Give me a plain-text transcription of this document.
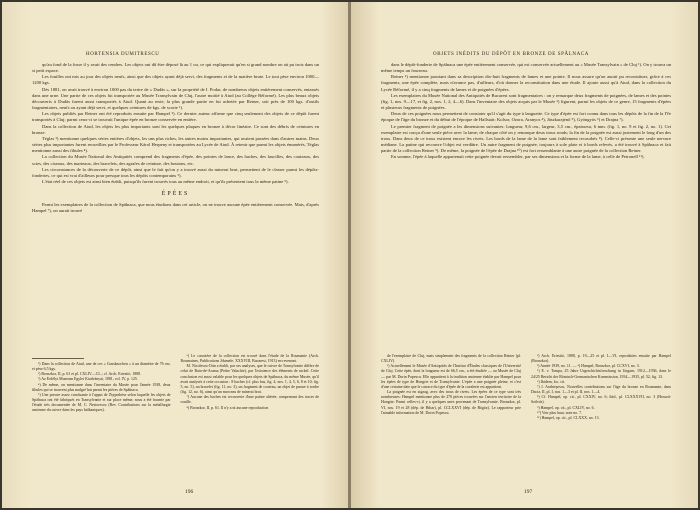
HORTENSIA DUMITRESCU

qu'au fond de la fosse il y avait des cendres. Les objets ont dû être déposé là au 1 ou, ce qui expliquerait qu'en si grand nombre on ait pu trois dans un si petit espace.

Les fouilles ont mis au jour des objets neufs, ainsi que des objets ayant déjà servi, des fragments et de la matière brute. Le tout pèse environ 1000—1200 kgs.

Dès 1881, on avait trouvé à environ 1000 pas du tertre de « Dudăs », sur la propriété de I. Podar, de nombreux objets entièrement conservés, entassés dans une urne. Une partie de ces objets fut transportée au Musée Transylvain de Cluj, l'autre moitié à Aiud (au Collège Réformé). Les plus beaux objets découverts à Dudăs furent aussi transportés à Aiud. Quant au reste, la plus grande partie en fut achetée par Reiner, soit près de 100 kgs. d'outils fragmentaires, neufs ou ayant déjà servi, et quelques ceintures de kgs. de scorie ¹).

Les objets publiés par Reiner ont été reproduits ensuite par Hampel ²). Ce dernier auteur affirme que cinq seulement des objets de ce dépôt furent transportés à Cluj; parmi ceux-ci se trouvait l'unique épée en bronze conservée en entière.

Dans la collection de Aiud, les objets les plus importants sont les quelques plaques en bronze à décor linéaire. Ce sont des débris de ceintures en bronze.

Téglas ³) mentionne quelques séries entières d'objets, les uns plus riches, les autres moins importantes, qui avaient passées dans d'autres mains. Deux séries plus importantes furent recueillies par le Professeur Károl Herpeny et transportées au Lycée de Aiud. À retenir que parmi les objets énumérés, Téglas mentionne aussi des fibules ⁴).

La collection du Musée National des Antiquités comprend des fragments d'épée, des pointes de lance, des haches, des faucilles, des couteaux, des scies, des ciseaux, des marteaux, des bracelets, des agrafes de ceinture, des boutons, etc.

Les circonstances de la découverte de ce dépôt, ainsi que le fait qu'on y a trouvé aussi du minerai brut, permettent de le classer parmi les dépôts-fonderies, ce qui est vrai d'ailleurs pour presque tous les dépôts contemporains ⁵).

L'état réel de ces objets est ainsi bien établi, puisqu'ils furent trouvés tous au même endroit, et qu'ils présentent tous la même patine ⁶).

ÉPÉES

Parmi les exemplaires de la collection de Spălnaca, que nous étudions dans cet article, on ne trouve aucune épée entièrement conservée. Mais, d'après Hampel ⁷), on aurait trouvé

¹) Dans la collection de Aiud, une de ces « Gussknochen » à un diamètre de 76 cm. et pèse 6,5 kgs.

²) Bronzkor, II, p. 61 et pl. CXLIV—CL.; cf. Arch. Ertesitö, 1888.

³) Az Erdélyi Muzeum Egylet Kiadványai, 1881, vol. IV, p. 125.

⁴) De même, on mentionne dans l'inventaire du Musée pour l'année 1938, deux fibules qui se trouvent plus malgré hui parmi les pièces de Spălnaca.

⁵) Une preuve assez concluante à l'appui de l'hypothèse selon laquelle les objets de Spălnaca ont été fabriqués en Transylvanie et sur place même, nous a été fournie par l'étude très documentée de M. C. Nestorescu (Rev. Contributions sur la métallurgie ancienne du cuivre dans les pays balkaniques).

⁶) Le caractère de la collection est trouvé dans l'étude de la Roumanie (Arch. Roumaines, Publications Jdumele, XXXVIII, Bucarest, 1913) en revenant.

M. Nicolescu-Otin a établi, par ses analyses, que le cuivre de Transylvanie diffère de celui de Baia-de-Arama (Petite Valachie), par l'existence des éléments de nickel. Cette conclusion est aussi valable pour les quelques objets de Spălnaca, du même Musée, qu'il avait analysés à cette occasion : 8 haches (cf. plus bas, fig. 4, nos. 1, 4, 5, 6, 8 et 10; fig. 5, no. 5), un bracelet (fig. 11, no. 3), un fragment de couteau, un objet de parure à tordre (fig. 12, no. 6), ainsi qu'un morceau de minerai brut.

⁷) Aucune des haches est recouverte d'une patine altérée, comprenant des traces de rouille.

⁸) Bronzkor, II, p. 61. Il n'y a ni aucune reproduction

196
OBJETS INÉDITS DU DÉPÔT EN BRONZE DE SPĂLNACA

dans le dépôt-fonderie de Spălnaca une épée entièrement conservée, qui est conservée actuellement au « Musée Transylvain » de Cluj ¹). On y trouva un même temps un fourreau.

Reiner ²) mentionne pourtant dans sa description dix-huit fragments de lames et une pointe. Il nous assure qu'on aurait pu reconstituer, grâce à ces fragments, une épée complète, mais n'avance pas, d'ailleurs, d'où donner la reconstitution dans une étude. Il ajoute aussi qu'à Aiud, dans la collection du Lycée Réformé, il y a cinq fragments de lames et de poignées d'épées.

Les exemplaires du Musée National des Antiquités de Bucarest sont fragmentaires : on y remarque deux fragments de poignées, de lames et des pointes (fig. 1, nos. 9—17, et fig. 2, nos. 1, 2, 4—6). Dans l'inventaire des objets acquis par le Musée ³) figurent, parmi les objets de ce genre, 15 fragments d'épées et plusieurs fragments de poignées.

Deux de ces poignées nous permettent de constater qu'il s'agit du type à languette. Ce type d'épée est fort connu dans tous les dépôts de la fin de la IVe époque de l'âge du bronze et du début de l'époque de Hallstatt: Kolsor, Ozora, Aranyos ⁴), Jászkarajenő ⁵), Gyöngyös ⁶) et Drajna ⁷).

Le premier fragment de poignée a les dimensions suivantes: longueur, 9,6 cm., largeur, 3,5 cm., épaisseur, 6 mm. (fig. 1, no. 9 et fig. 2, no. 1). Cet exemplaire est conçu d'une seule pièce avec la lame; de chaque côté on y remarque deux trous ronds; la fin de la poignée est aussi justement le long d'un des trous. Dans deux de ce trous existent encore les rivets. Les bords de la lame de la lame sont faiblement recourbés ⁸). Celle-ci présente une seule nervure médiane. La patine qui recouvre l'objet est verdâtre. Un autre fragment de poignée, toujours à sole plate et à bords relevés, a été trouvé à Spălnaca et fait partie de la collection Reiner ⁹). De même, la poignée de l'épée de Drajna ¹⁰) est fort ressemblante à une autre poignée de la collection Reiner.

En somme, l'épée à laquelle appartenait cette poignée devait ressembler, par ses dimensions et la forme de la lame, à celle de Petronell ¹¹).

de l'exemplaire de Cluj, mais simplement des fragments de la collection Reiner (pl. CXLIV).

¹) Actuellement le Musée d'Antiquités de l'Institut d'Études classiques de l'Université de Cluj. Cette épée, dont la longueur est de 66,5 cm., a été étudiée — au Musée de Cluj — par M. Dorin Popescu. Elle appartient à la tradition ancienne établie par Hampel pour les épées de type de Hongrie et de Transylvanie. L'épée a une poignée pleine, et c'est d'une certaine date que le carrace du type d'épée de la cavalerie est appartient.

La poignée est en zigzag, avec des trous de rivets. Les épées de ce type sont très nombreuses: Hampel mentionne plus de 270 pièces trouvées sur l'ancien territoire de la Hongrie. Parmi celles-ci, il y a quelques unes provenant de Transylvanie. Bronzkor, pl. VI, nos. 19 et 28 (dép. de Bihar), pl. CCLXXVI (dép. de Bögöz). Le rapporteur prie l'aimable information de M. Dorin Popescu.

²) Arch. Ertesitö, 1888, p. 19—25 et pl. I—VI, reproduites ensuite par Hampel (Bronzkor).

³) Année 1939, no. 11. — ⁴) Hampel, Bronzkor, pl. CCXVI, no. 3.

⁵) E. v. Tompa, 25 Jahre Urgeschichtsforschung in Ungarn, 1912—1936, dans le 24/25 Bericht der Römisch-Germanischen Kommission, 1934—1935, pl. 52, fig. 13.

⁶) Ibidem, loc. cit.

⁷) I. Andrieşescu, Nouvelles contributions sur l'âge du bronze en Roumanie, dans Dacia, II, pl. I, nos. 1—3 et pl. II, nos. 1—4.

⁸) Cf. Hampel, op. cit., pl. CXXIV, no. 6; ibid., pl. CLXXXVII, no. 3 (Hosszú-Szilvás).

⁹) Hampel, op. cit., pl. CXLIV, no. 6.

¹⁰) Voir plus haut, note no. 7.

¹¹) Hampel, op. cit., pl. CLXXX, no. 13.

197
